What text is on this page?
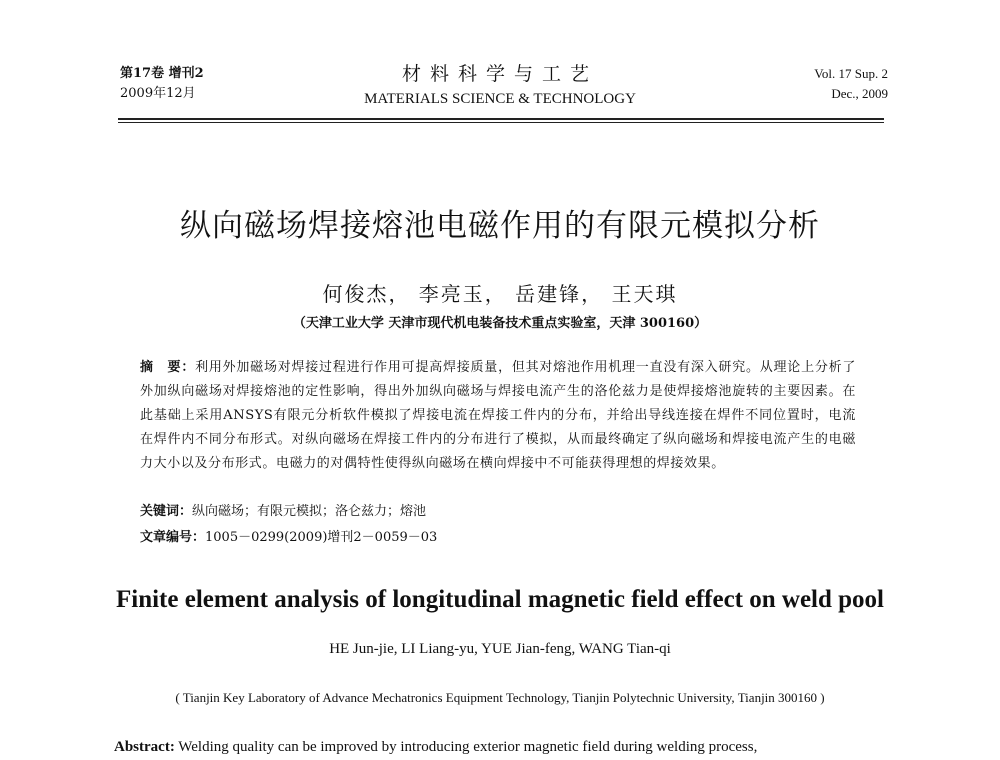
第17卷 增刊2
2009年12月
材料科学与工艺
MATERIALS SCIENCE & TECHNOLOGY
Vol. 17 Sup. 2
Dec., 2009
纵向磁场焊接熔池电磁作用的有限元模拟分析
何俊杰， 李亮玉， 岳建锋， 王天琪
（天津工业大学 天津市现代机电装备技术重点实验室，天津 300160）
摘　要：利用外加磁场对焊接过程进行作用可提高焊接质量，但其对熔池作用机理一直没有深入研究。从理论上分析了外加纵向磁场对焊接熔池的定性影响，得出外加纵向磁场与焊接电流产生的洛伦兹力是使焊接熔池旋转的主要因素。在此基础上采用ANSYS有限元分析软件模拟了焊接电流在焊接工件内的分布，并给出导线连接在焊件不同位置时，电流在焊件内不同分布形式。对纵向磁场在焊接工件内的分布进行了模拟，从而最终确定了纵向磁场和焊接电流产生的电磁力大小以及分布形式。电磁力的对偶特性使得纵向磁场在横向焊接中不可能获得理想的焊接效果。
关键词：纵向磁场；有限元模拟；洛仑兹力；熔池
文章编号：1005－0299(2009)增刊2－0059－03
Finite element analysis of longitudinal magnetic field effect on weld pool
HE Jun-jie, LI Liang-yu, YUE Jian-feng, WANG Tian-qi
( Tianjin Key Laboratory of Advance Mechatronics Equipment Technology, Tianjin Polytechnic University, Tianjin 300160 )
Abstract: Welding quality can be improved by introducing exterior magnetic field during welding process,
